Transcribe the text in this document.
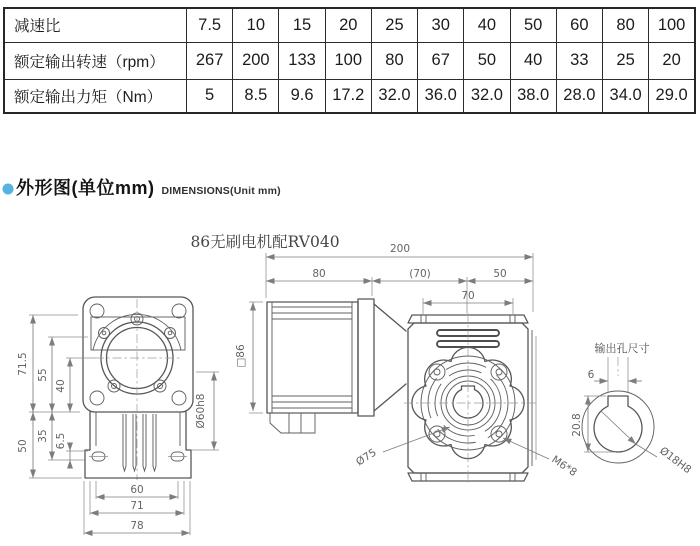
减速比	7.5	10	15	20	25	30	40	50	60	80	100
额定输出转速（rpm）	267	200	133	100	80	67	50	40	33	25	20
额定输出力矩（Nm）	5	8.5	9.6	17.2	32.0	36.0	32.0	38.0	28.0	34.0	29.0
外形图(单位mm) DIMENSIONS(Unit mm)
86无刷电机配RV040
71.5 55
40
50
35 6.5
60
71
78
Ø60h8
□86
200
80	(70)	50
70
Ø75	M6*8
输出孔尺寸
6
20.8
Ø18H8
